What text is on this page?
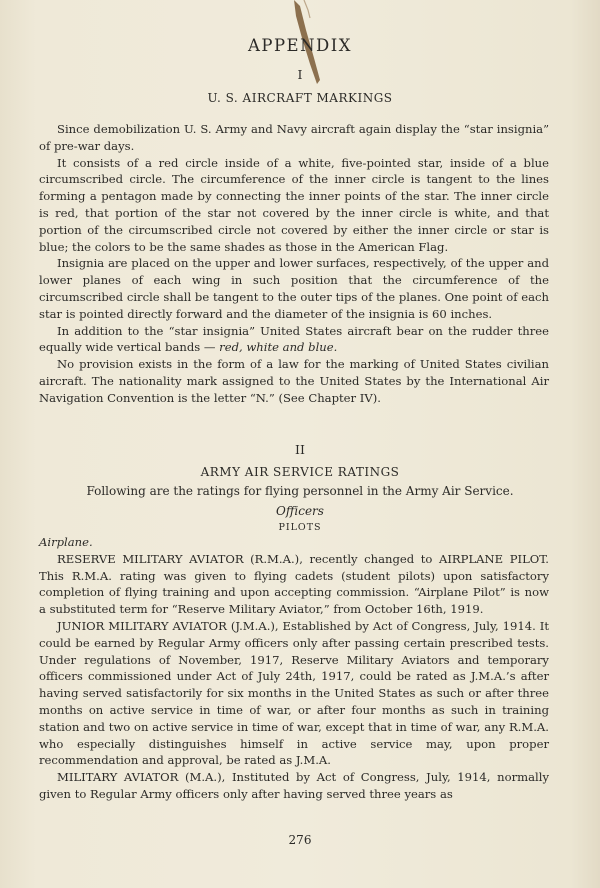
APPENDIX
I
U. S. AIRCRAFT MARKINGS

Since demobilization U. S. Army and Navy aircraft again display the “star insignia” of pre-war days.

It consists of a red circle inside of a white, five-pointed star, inside of a blue circumscribed circle. The circumference of the inner circle is tangent to the lines forming a pentagon made by connecting the inner points of the star. The inner circle is red, that portion of the star not covered by the inner circle is white, and that portion of the circumscribed circle not covered by either the inner circle or star is blue; the colors to be the same shades as those in the American Flag.

Insignia are placed on the upper and lower surfaces, respectively, of the upper and lower planes of each wing in such position that the circumference of the circumscribed circle shall be tangent to the outer tips of the planes. One point of each star is pointed directly forward and the diameter of the insignia is 60 inches.

In addition to the “star insignia” United States aircraft bear on the rudder three equally wide vertical bands — red, white and blue.

No provision exists in the form of a law for the marking of United States civilian aircraft. The nationality mark assigned to the United States by the International Air Navigation Convention is the letter “N.” (See Chapter IV).

II
ARMY AIR SERVICE RATINGS
Following are the ratings for flying personnel in the Army Air Service.
Officers
PILOTS

Airplane.

RESERVE MILITARY AVIATOR (R.M.A.), recently changed to AIRPLANE PILOT. This R.M.A. rating was given to flying cadets (student pilots) upon satisfactory completion of flying training and upon accepting commission. “Airplane Pilot” is now a substituted term for “Reserve Military Aviator,” from October 16th, 1919.

JUNIOR MILITARY AVIATOR (J.M.A.), Established by Act of Congress, July, 1914. It could be earned by Regular Army officers only after passing certain prescribed tests. Under regulations of November, 1917, Reserve Military Aviators and temporary officers commissioned under Act of July 24th, 1917, could be rated as J.M.A.’s after having served satisfactorily for six months in the United States as such or after three months on active service in time of war, or after four months as such in training station and two on active service in time of war, except that in time of war, any R.M.A. who especially distinguishes himself in active service may, upon proper recommendation and approval, be rated as J.M.A.

MILITARY AVIATOR (M.A.), Instituted by Act of Congress, July, 1914, normally given to Regular Army officers only after having served three years as

276
